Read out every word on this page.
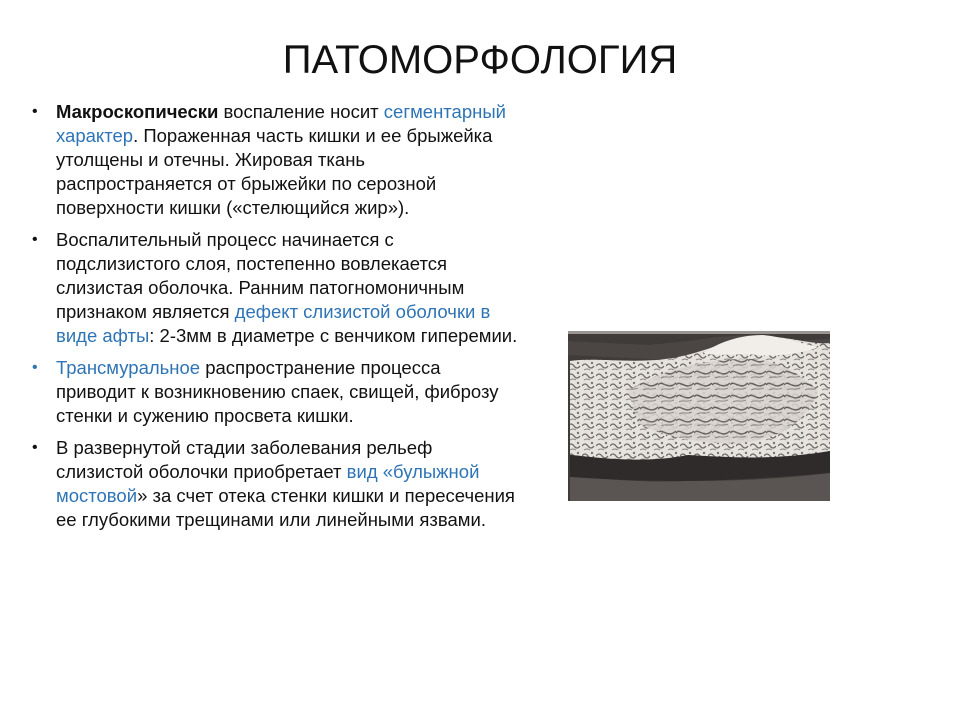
ПАТОМОРФОЛОГИЯ
• Макроскопически воспаление носит сегментарный характер. Пораженная часть кишки и ее брыжейка утолщены и отечны. Жировая ткань распространяется от брыжейки по серозной поверхности кишки («стелющийся жир»).
• Воспалительный процесс начинается с подслизистого слоя, постепенно вовлекается слизистая оболочка. Ранним патогномоничным признаком является дефект слизистой оболочки в виде афты: 2-3мм в диаметре с венчиком гиперемии.
• Трансмуральное распространение процесса приводит к возникновению спаек, свищей, фиброзу стенки и сужению просвета кишки.
• В развернутой стадии заболевания рельеф слизистой оболочки приобретает вид «булыжной мостовой» за счет отека стенки кишки и пересечения ее глубокими трещинами или линейными язвами.
